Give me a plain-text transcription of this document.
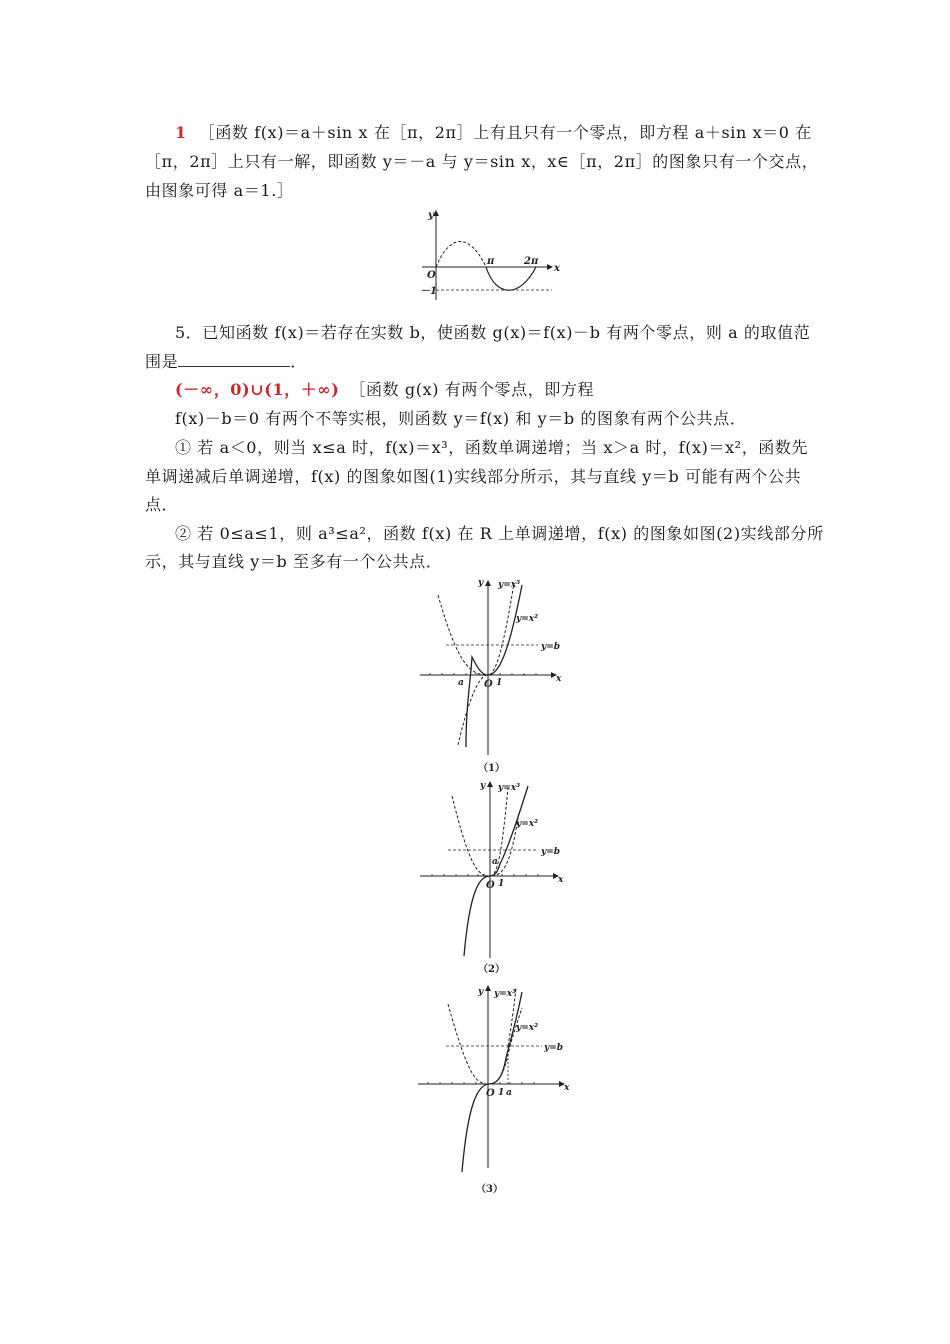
1 ［函数 f(x)＝a＋sin x 在［π，2π］上有且只有一个零点，即方程 a＋sin x＝0 在
［π，2π］上只有一解，即函数 y＝－a 与 y＝sin x，x∈［π，2π］的图象只有一个交点，
由图象可得 a＝1.］
y
x
O
π	2π
－1
5．已知函数 f(x)＝若存在实数 b，使函数 g(x)＝f(x)－b 有两个零点，则 a 的取值范
围是	．
(－∞，0)∪(1，＋∞) ［函数 g(x) 有两个零点，即方程
f(x)－b＝0 有两个不等实根，则函数 y＝f(x) 和 y＝b 的图象有两个公共点．
① 若 a＜0，则当 x≤a 时，f(x)＝x³，函数单调递增；当 x＞a 时，f(x)＝x²，函数先
单调递减后单调递增，f(x) 的图象如图(1)实线部分所示，其与直线 y＝b 可能有两个公共
点．
② 若 0≤a≤1，则 a³≤a²，函数 f(x) 在 R 上单调递增，f(x) 的图象如图(2)实线部分所
示，其与直线 y＝b 至多有一个公共点．
y y=x³
y=x²
y=b
a O 1	x
（1）
y y=x³
y=x²
y=b
a
O 1	x
（2）
y y=x³
y=x²
y=b
O 1 a	x
（3）
